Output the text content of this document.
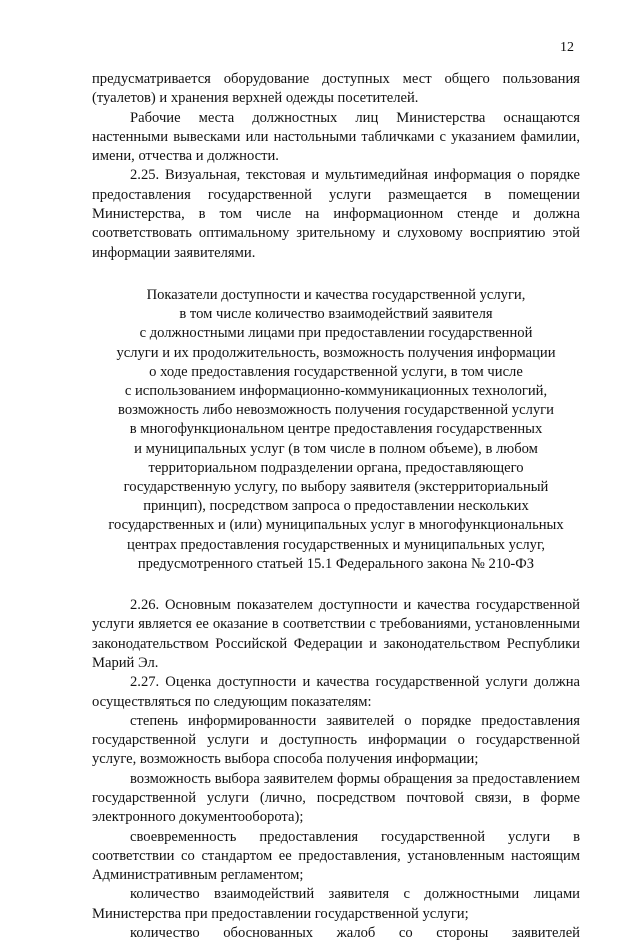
12

предусматривается оборудование доступных мест общего пользования (туалетов) и хранения верхней одежды посетителей.

Рабочие места должностных лиц Министерства оснащаются настенными вывесками или настольными табличками с указанием фамилии, имени, отчества и должности.

2.25. Визуальная, текстовая и мультимедийная информация о порядке предоставления государственной услуги размещается в помещении Министерства, в том числе на информационном стенде и должна соответствовать оптимальному зрительному и слуховому восприятию этой информации заявителями.

Показатели доступности и качества государственной услуги,
в том числе количество взаимодействий заявителя
с должностными лицами при предоставлении государственной
услуги и их продолжительность, возможность получения информации
о ходе предоставления государственной услуги, в том числе
с использованием информационно-коммуникационных технологий,
возможность либо невозможность получения государственной услуги
в многофункциональном центре предоставления государственных
и муниципальных услуг (в том числе в полном объеме), в любом
территориальном подразделении органа, предоставляющего
государственную услугу, по выбору заявителя (экстерриториальный
принцип), посредством запроса о предоставлении нескольких
государственных и (или) муниципальных услуг в многофункциональных
центрах предоставления государственных и муниципальных услуг,
предусмотренного статьей 15.1 Федерального закона № 210-ФЗ

2.26. Основным показателем доступности и качества государственной услуги является ее оказание в соответствии с требованиями, установленными законодательством Российской Федерации и законодательством Республики Марий Эл.

2.27. Оценка доступности и качества государственной услуги должна осуществляться по следующим показателям:

степень информированности заявителей о порядке предоставления государственной услуги и доступность информации о государственной услуге, возможность выбора способа получения информации;

возможность выбора заявителем формы обращения за предоставлением государственной услуги (лично, посредством почтовой связи, в форме электронного документооборота);

своевременность предоставления государственной услуги в соответствии со стандартом ее предоставления, установленным настоящим Административным регламентом;

количество взаимодействий заявителя с должностными лицами Министерства при предоставлении государственной услуги;

количество обоснованных жалоб со стороны заявителей
